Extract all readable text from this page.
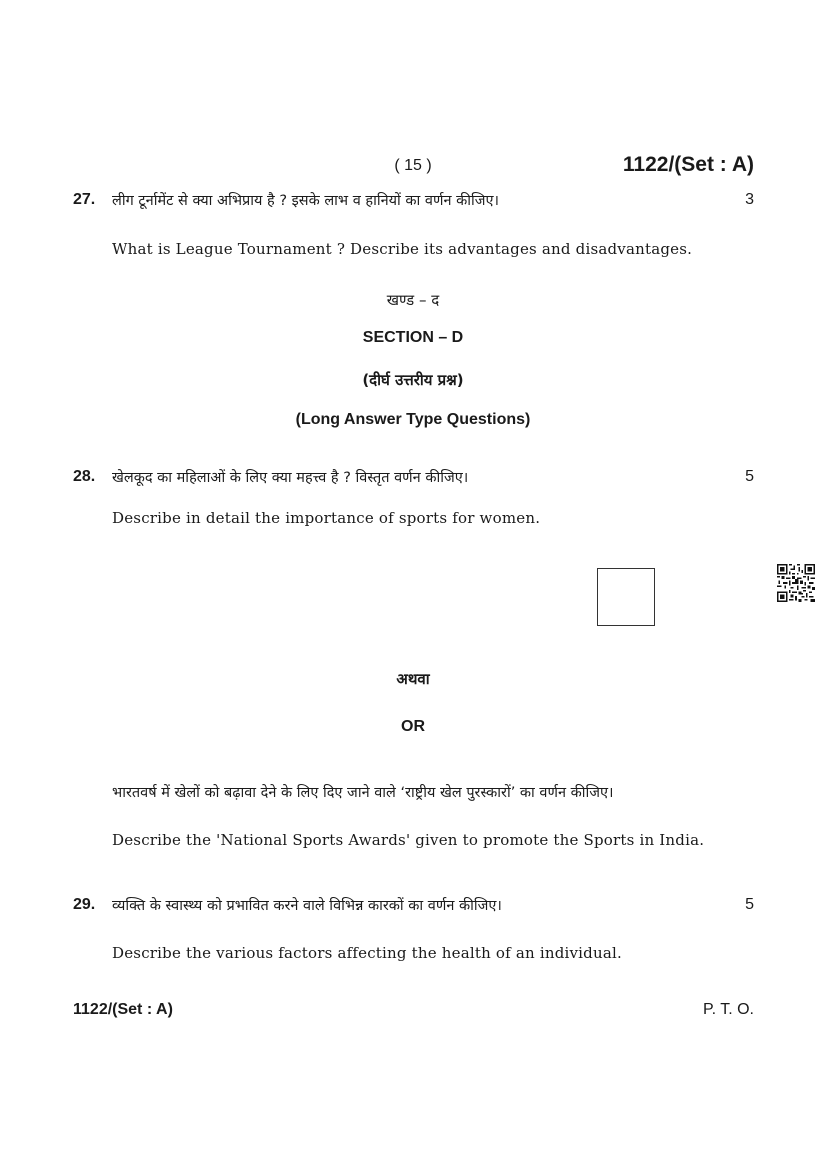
( 15 )	1122/(Set : A)
27. लीग टूर्नामेंट से क्या अभिप्राय है ? इसके लाभ व हानियों का वर्णन कीजिए।	3
What is League Tournament ? Describe its advantages and disadvantages.
खण्ड – द
SECTION – D
(दीर्घ उत्तरीय प्रश्न)
(Long Answer Type Questions)
28. खेलकूद का महिलाओं के लिए क्या महत्त्व है ? विस्तृत वर्णन कीजिए।	5
Describe in detail the importance of sports for women.
अथवा
OR
भारतवर्ष में खेलों को बढ़ावा देने के लिए दिए जाने वाले ‘राष्ट्रीय खेल पुरस्कारों’ का वर्णन कीजिए।
Describe the 'National Sports Awards' given to promote the Sports in India.
29. व्यक्ति के स्वास्थ्य को प्रभावित करने वाले विभिन्न कारकों का वर्णन कीजिए।	5
Describe the various factors affecting the health of an individual.
1122/(Set : A)	P. T. O.
